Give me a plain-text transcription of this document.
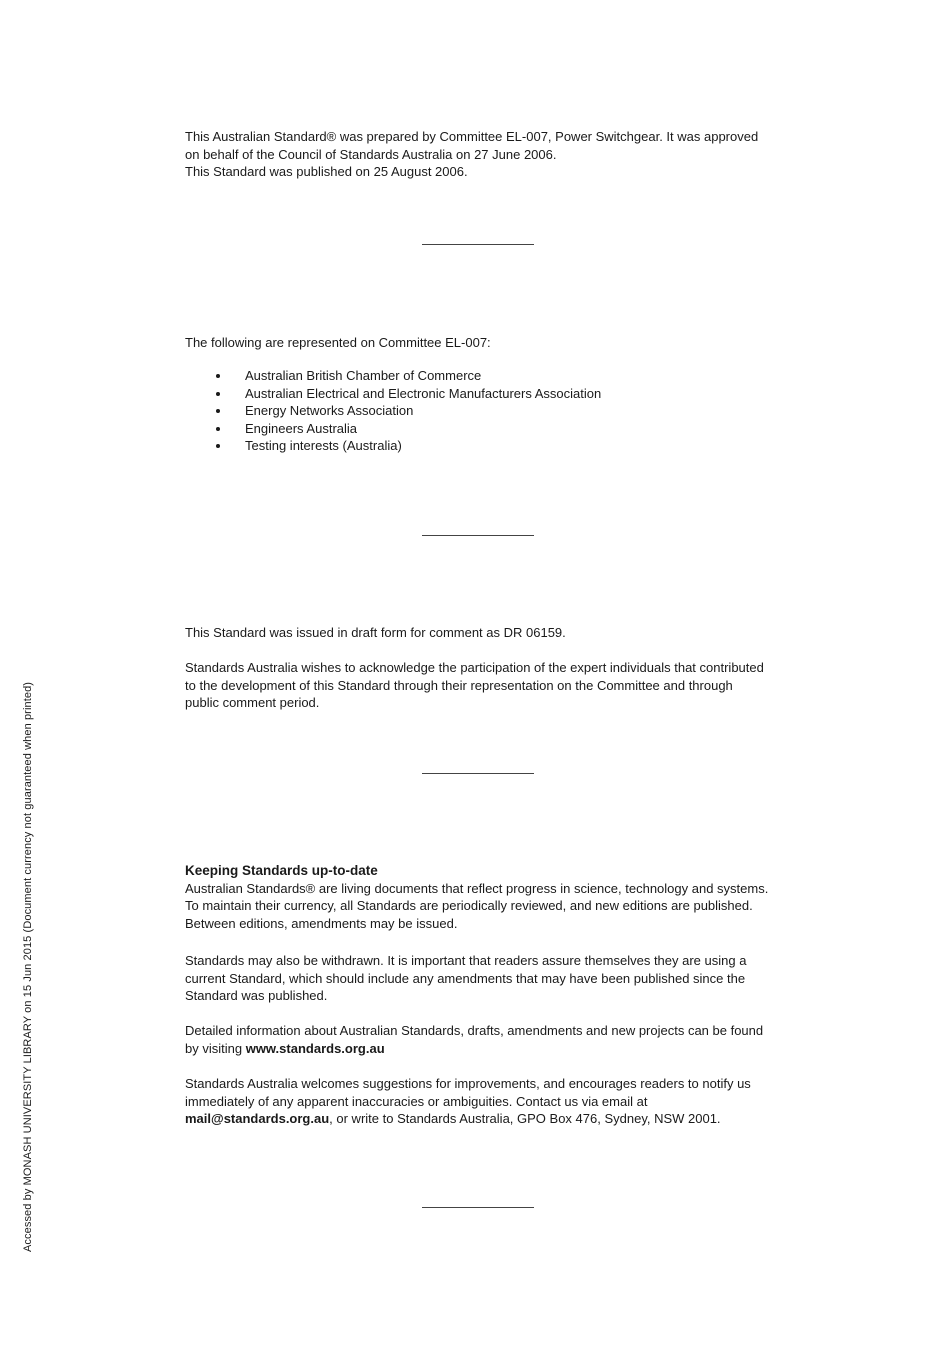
Accessed by MONASH UNIVERSITY LIBRARY on 15 Jun 2015 (Document currency not guaranteed when printed)

This Australian Standard® was prepared by Committee EL-007, Power Switchgear. It was approved on behalf of the Council of Standards Australia on 27 June 2006.
This Standard was published on 25 August 2006.

The following are represented on Committee EL-007:

• Australian British Chamber of Commerce
• Australian Electrical and Electronic Manufacturers Association
• Energy Networks Association
• Engineers Australia
• Testing interests (Australia)

This Standard was issued in draft form for comment as DR 06159.

Standards Australia wishes to acknowledge the participation of the expert individuals that contributed to the development of this Standard through their representation on the Committee and through public comment period.

Keeping Standards up-to-date

Australian Standards® are living documents that reflect progress in science, technology and systems. To maintain their currency, all Standards are periodically reviewed, and new editions are published. Between editions, amendments may be issued.

Standards may also be withdrawn. It is important that readers assure themselves they are using a current Standard, which should include any amendments that may have been published since the Standard was published.

Detailed information about Australian Standards, drafts, amendments and new projects can be found by visiting www.standards.org.au

Standards Australia welcomes suggestions for improvements, and encourages readers to notify us immediately of any apparent inaccuracies or ambiguities. Contact us via email at mail@standards.org.au, or write to Standards Australia, GPO Box 476, Sydney, NSW 2001.
